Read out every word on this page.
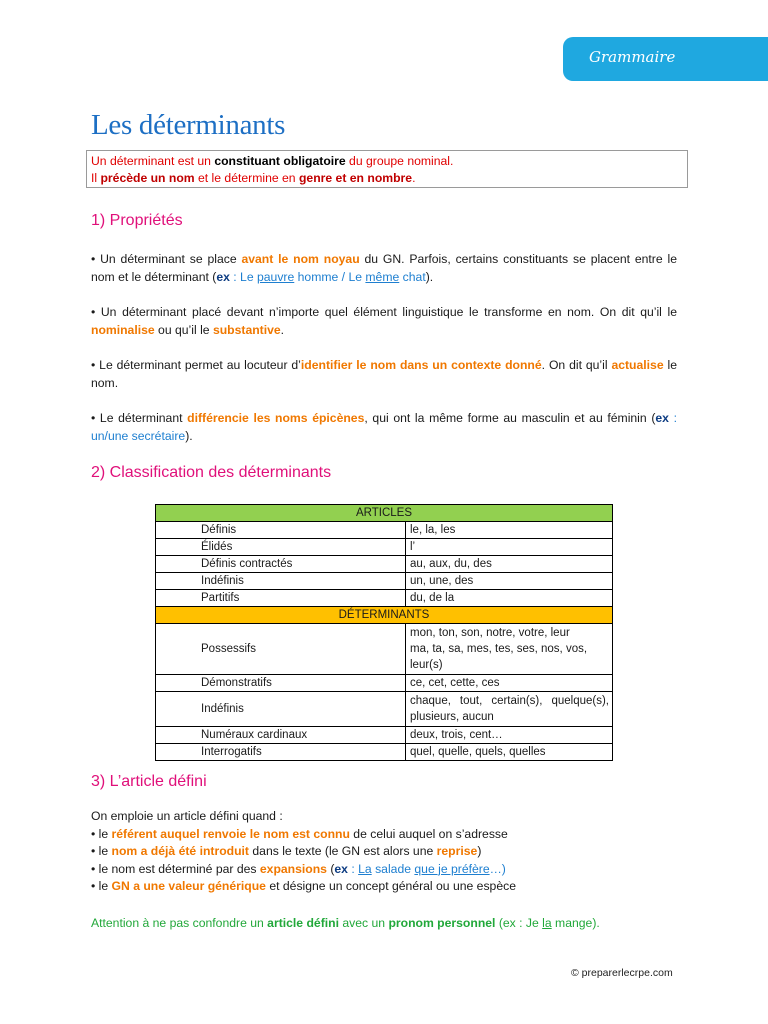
Grammaire
Les déterminants
Un déterminant est un constituant obligatoire du groupe nominal.
Il précède un nom et le détermine en genre et en nombre.
1) Propriétés
• Un déterminant se place avant le nom noyau du GN. Parfois, certains constituants se placent entre le nom et le déterminant (ex : Le pauvre homme / Le même chat).
• Un déterminant placé devant n’importe quel élément linguistique le transforme en nom. On dit qu’il le nominalise ou qu’il le substantive.
• Le déterminant permet au locuteur d’identifier le nom dans un contexte donné. On dit qu’il actualise le nom.
• Le déterminant différencie les noms épicènes, qui ont la même forme au masculin et au féminin (ex : un/une secrétaire).
2) Classification des déterminants
ARTICLES	
Définis	le, la, les
Élidés	l’
Définis contractés	au, aux, du, des
Indéfinis	un, une, des
Partitifs	du, de la
DÉTERMINANTS	
Possessifs	mon, ton, son, notre, votre, leur
ma, ta, sa, mes, tes, ses, nos, vos, leur(s)

Démonstratifs	ce, cet, cette, ces
Indéfinis	chaque, tout, certain(s), quelque(s),
plusieurs, aucun

Numéraux cardinaux	deux, trois, cent…
Interrogatifs	quel, quelle, quels, quelles
3) L’article défini
On emploie un article défini quand :
• le référent auquel renvoie le nom est connu de celui auquel on s’adresse
• le nom a déjà été introduit dans le texte (le GN est alors une reprise)
• le nom est déterminé par des expansions (ex : La salade que je préfère…)
• le GN a une valeur générique et désigne un concept général ou une espèce
Attention à ne pas confondre un article défini avec un pronom personnel (ex : Je la mange).
© preparerlecrpe.com
